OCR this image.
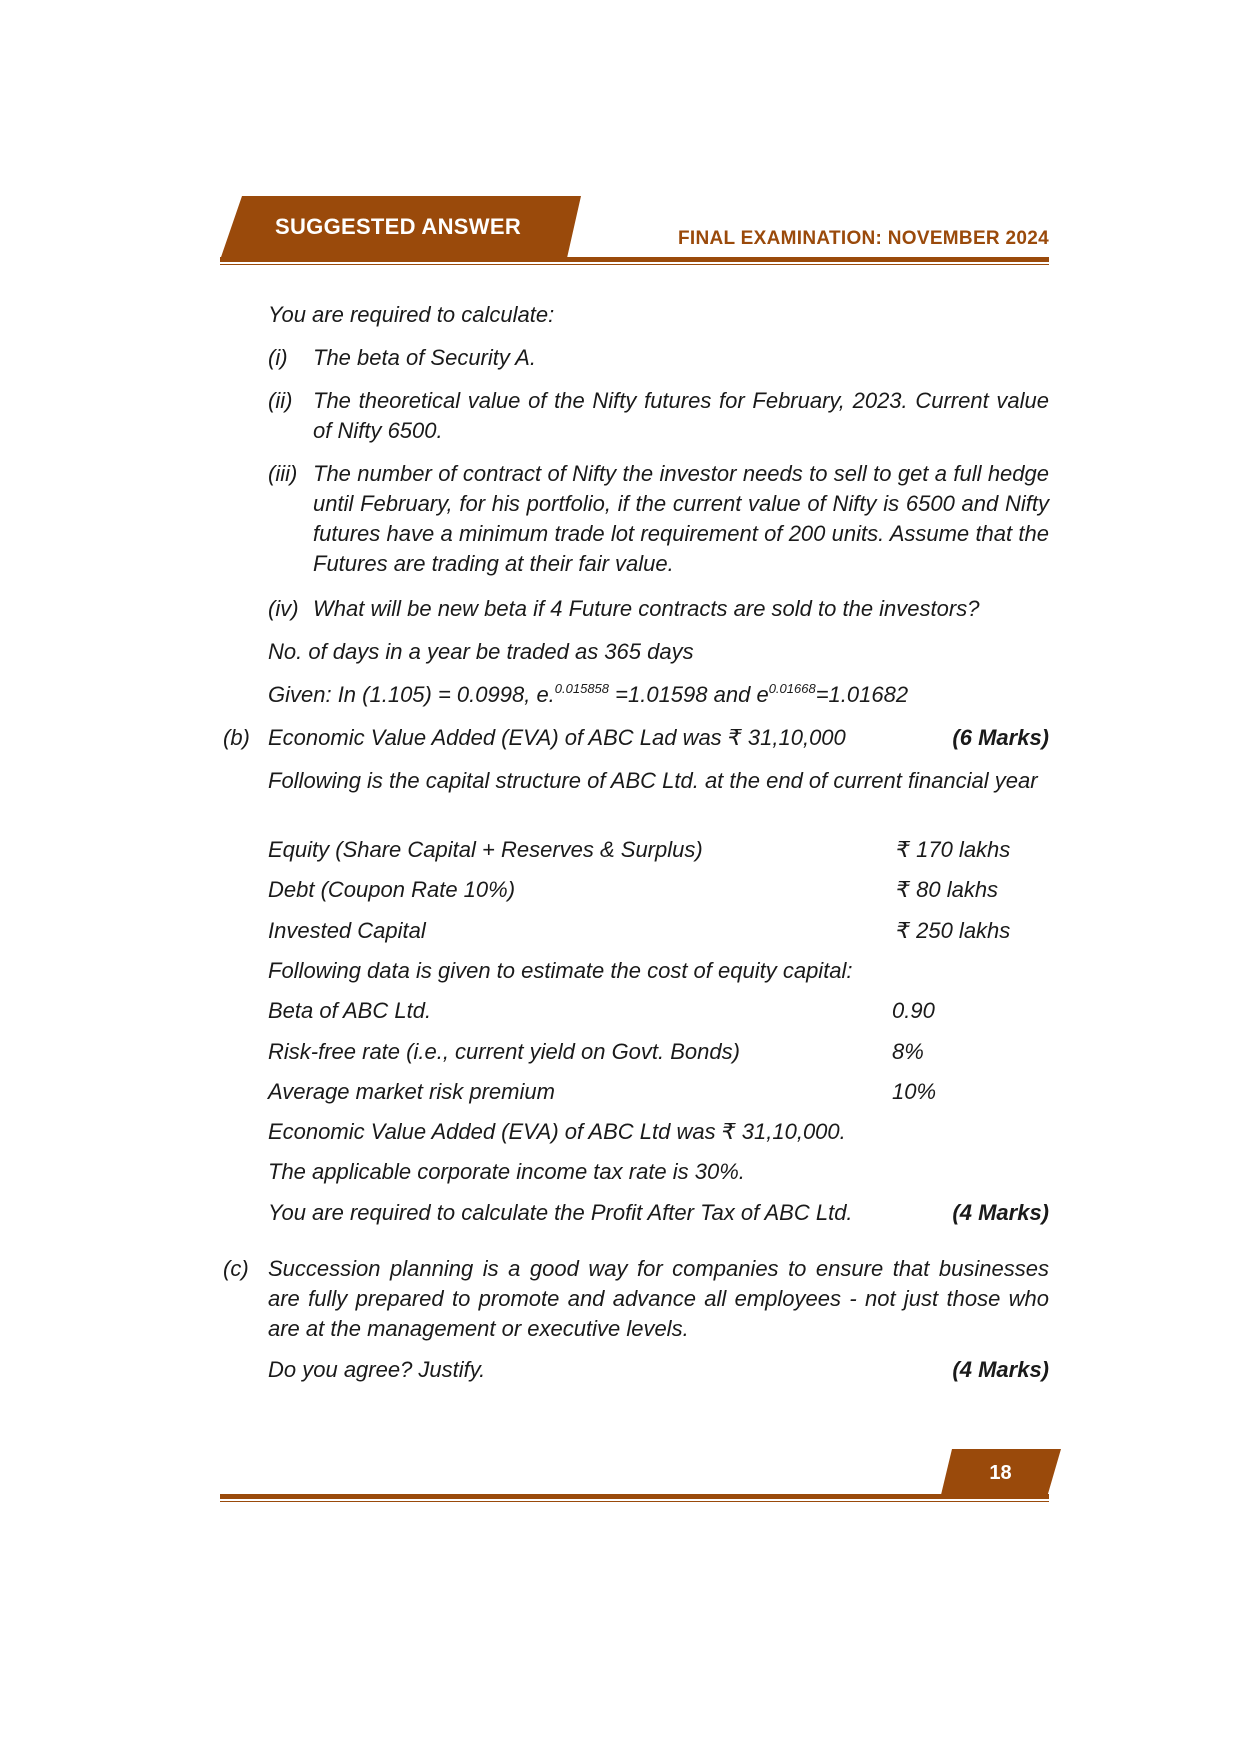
SUGGESTED ANSWER	FINAL EXAMINATION: NOVEMBER 2024
You are required to calculate:
(i) The beta of Security A.
(ii) The theoretical value of the Nifty futures for February, 2023. Current value of Nifty 6500.
(iii) The number of contract of Nifty the investor needs to sell to get a full hedge until February, for his portfolio, if the current value of Nifty is 6500 and Nifty futures have a minimum trade lot requirement of 200 units. Assume that the Futures are trading at their fair value.
(iv) What will be new beta if 4 Future contracts are sold to the investors?
No. of days in a year be traded as 365 days
Given: In (1.105) = 0.0998, e.$^{0.015858}$ =1.01598 and $e^{0.01668}=1.01682$
(b) Economic Value Added (EVA) of ABC Lad was ₹ 31,10,000	(6 Marks)
Following is the capital structure of ABC Ltd. at the end of current financial year
Equity (Share Capital + Reserves & Surplus)	₹ 170 lakhs
Debt (Coupon Rate 10%)	₹ 80 lakhs
Invested Capital	₹ 250 lakhs
Following data is given to estimate the cost of equity capital:
Beta of ABC Ltd.	0.90
Risk-free rate (i.e., current yield on Govt. Bonds)	8%
Average market risk premium	10%
Economic Value Added (EVA) of ABC Ltd was ₹ 31,10,000.
The applicable corporate income tax rate is 30%.
You are required to calculate the Profit After Tax of ABC Ltd.	(4 Marks)
(c) Succession planning is a good way for companies to ensure that businesses are fully prepared to promote and advance all employees - not just those who are at the management or executive levels.
Do you agree? Justify.	(4 Marks)
18
